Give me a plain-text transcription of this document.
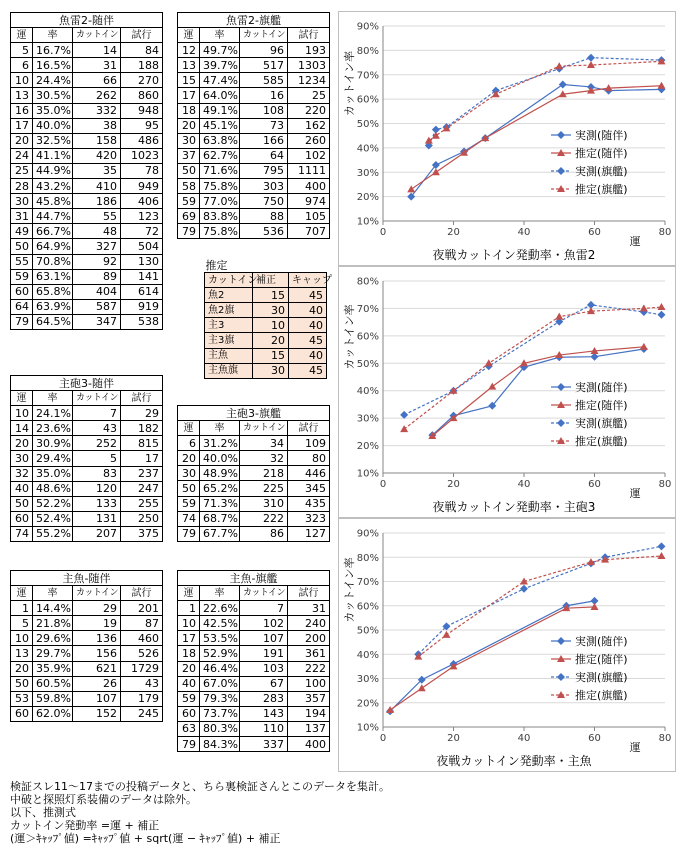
魚雷2-随伴			
運	率	カットイン	試行
5	16.7%	14	84
6	16.5%	31	188
10	24.4%	66	270
13	30.5%	262	860
16	35.0%	332	948
17	40.0%	38	95
20	32.5%	158	486
24	41.1%	420	1023
25	44.9%	35	78
28	43.2%	410	949
30	45.8%	186	406
31	44.7%	55	123
49	66.7%	48	72
50	64.9%	327	504
55	70.8%	92	130
59	63.1%	89	141
60	65.8%	404	614
64	63.9%	587	919
79	64.5%	347	538
魚雷2-旗艦			
運	率	カットイン	試行
12	49.7%	96	193
13	39.7%	517	1303
15	47.4%	585	1234
17	64.0%	16	25
18	49.1%	108	220
20	45.1%	73	162
30	63.8%	166	260
37	62.7%	64	102
50	71.6%	795	1111
58	75.8%	303	400
59	77.0%	750	974
69	83.8%	88	105
79	75.8%	536	707
推定		
カットイン	補正	キャップ
魚2	15	45
魚2旗	30	40
主3	10	40
主3旗	20	45
主魚	15	40
主魚旗	30	45
主砲3-随伴			
運	率	カットイン	試行
10	24.1%	7	29
14	23.6%	43	182
20	30.9%	252	815
30	29.4%	5	17
32	35.0%	83	237
40	48.6%	120	247
50	52.2%	133	255
60	52.4%	131	250
74	55.2%	207	375
主砲3-旗艦			
運	率	カットイン	試行
6	31.2%	34	109
20	40.0%	32	80
30	48.9%	218	446
50	65.2%	225	345
59	71.3%	310	435
74	68.7%	222	323
79	67.7%	86	127
主魚-随伴			
運	率	カットイン	試行
1	14.4%	29	201
5	21.8%	19	87
10	29.6%	136	460
13	29.7%	156	526
20	35.9%	621	1729
50	60.5%	26	43
53	59.8%	107	179
60	62.0%	152	245
主魚-旗艦			
運	率	カットイン	試行
1	22.6%	7	31
10	42.5%	102	240
17	53.5%	107	200
18	52.9%	191	361
20	46.4%	103	222
40	67.0%	67	100
59	79.3%	283	357
60	73.7%	143	194
63	80.3%	110	137
79	84.3%	337	400
10%
20%
30%
40%
50%
60%
70%
80%
90%
0	20	40	60	80
カットイン率
運
夜戦カットイン発動率・魚雷2
実測(随伴)
推定(随伴)
実測(旗艦)
推定(旗艦)
10%
20%
30%
40%
50%
60%
70%
80%
0	20	40	60	80
カットイン率
運
夜戦カットイン発動率・主砲3
実測(随伴)
推定(随伴)
実測(旗艦)
推定(旗艦)
10%
20%
30%
40%
50%
60%
70%
80%
90%
0	20	40	60	80
カットイン率
運
夜戦カットイン発動率・主魚
実測(随伴)
推定(随伴)
実測(旗艦)
推定(旗艦)
検証スレ11～17までの投稿データと、ちら裏検証さんとこのデータを集計。
中破と探照灯系装備のデータは除外。
以下、推測式
カットイン発動率 =運 + 補正
(運＞ｷｬｯﾌﾟ値) =ｷｬｯﾌﾟ値 + sqrt(運 − ｷｬｯﾌﾟ値) + 補正
